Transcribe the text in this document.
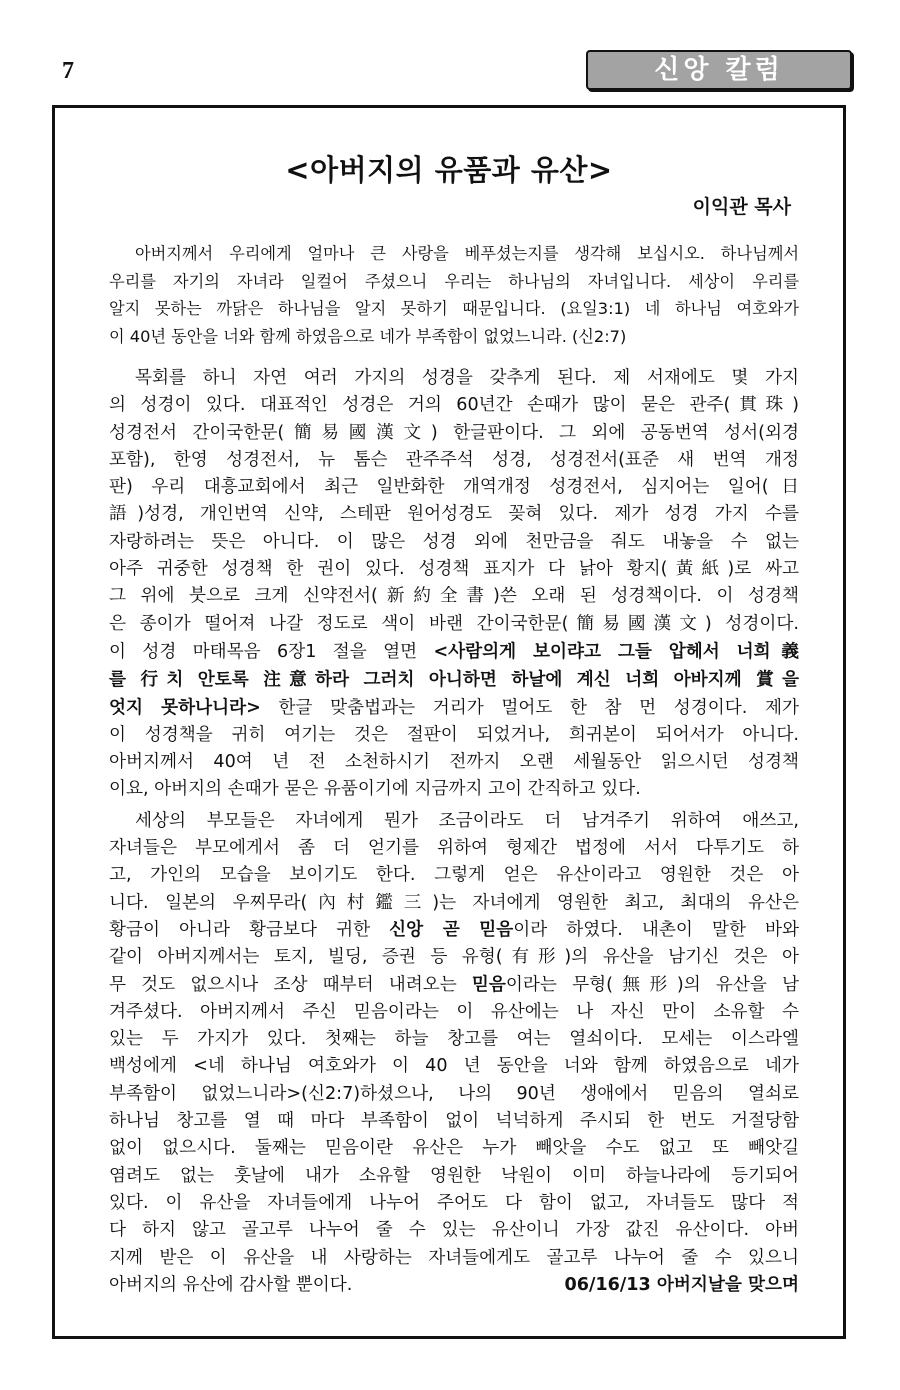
7	신앙 칼럼
<아버지의 유품과 유산>
이익관 목사
아버지께서 우리에게 얼마나 큰 사랑을 베푸셨는지를 생각해 보십시오. 하나님께서
우리를 자기의 자녀라 일컬어 주셨으니 우리는 하나님의 자녀입니다. 세상이 우리를
알지 못하는 까닭은 하나님을 알지 못하기 때문입니다. (요일3:1) 네 하나님 여호와가
이 40년 동안을 너와 함께 하였음으로 네가 부족함이 없었느니라. (신2:7)
목회를 하니 자연 여러 가지의 성경을 갖추게 된다. 제 서재에도 몇 가지
의 성경이 있다. 대표적인 성경은 거의 60년간 손때가 많이 묻은 관주(貫珠)
성경전서 간이국한문(簡易國漢文) 한글판이다. 그 외에 공동번역 성서(외경
포함), 한영 성경전서, 뉴 톰슨 관주주석 성경, 성경전서(표준 새 번역 개정
판) 우리 대흥교회에서 최근 일반화한 개역개정 성경전서, 심지어는 일어(日
語)성경, 개인번역 신약, 스테판 원어성경도 꽂혀 있다. 제가 성경 가지 수를
자랑하려는 뜻은 아니다. 이 많은 성경 외에 천만금을 줘도 내놓을 수 없는
아주 귀중한 성경책 한 권이 있다. 성경책 표지가 다 낡아 황지(黃紙)로 싸고
그 위에 붓으로 크게 신약전서(新約全書)쓴 오래 된 성경책이다. 이 성경책
은 종이가 떨어져 나갈 정도로 색이 바랜 간이국한문(簡易國漢文) 성경이다.
이 성경 마태목음 6장1 절을 열면 <사람의게 보이랴고 그들 압헤서 너희義
를 行치 안토록 注意하라 그러치 아니하면 하날에 계신 너희 아바지께 賞을
엇지 못하나니라> 한글 맞춤법과는 거리가 멀어도 한 참 먼 성경이다. 제가
이 성경책을 귀히 여기는 것은 절판이 되었거나, 희귀본이 되어서가 아니다.
아버지께서 40여 년 전 소천하시기 전까지 오랜 세월동안 읽으시던 성경책
이요, 아버지의 손때가 묻은 유품이기에 지금까지 고이 간직하고 있다.
세상의 부모들은 자녀에게 뭔가 조금이라도 더 남겨주기 위하여 애쓰고,
자녀들은 부모에게서 좀 더 얻기를 위하여 형제간 법정에 서서 다투기도 하
고, 가인의 모습을 보이기도 한다. 그렇게 얻은 유산이라고 영원한 것은 아
니다. 일본의 우찌무라(內村鑑三)는 자녀에게 영원한 최고, 최대의 유산은
황금이 아니라 황금보다 귀한 신앙 곧 믿음이라 하였다. 내촌이 말한 바와
같이 아버지께서는 토지, 빌딩, 증권 등 유형(有形)의 유산을 남기신 것은 아
무 것도 없으시나 조상 때부터 내려오는 믿음이라는 무형(無形)의 유산을 남
겨주셨다. 아버지께서 주신 믿음이라는 이 유산에는 나 자신 만이 소유할 수
있는 두 가지가 있다. 첫째는 하늘 창고를 여는 열쇠이다. 모세는 이스라엘
백성에게 <네 하나님 여호와가 이 40 년 동안을 너와 함께 하였음으로 네가
부족함이 없었느니라>(신2:7)하셨으나, 나의 90년 생애에서 믿음의 열쇠로
하나님 창고를 열 때 마다 부족함이 없이 넉넉하게 주시되 한 번도 거절당함
없이 없으시다. 둘째는 믿음이란 유산은 누가 빼앗을 수도 없고 또 빼앗길
염려도 없는 훗날에 내가 소유할 영원한 낙원이 이미 하늘나라에 등기되어
있다. 이 유산을 자녀들에게 나누어 주어도 다 함이 없고, 자녀들도 많다 적
다 하지 않고 골고루 나누어 줄 수 있는 유산이니 가장 값진 유산이다. 아버
지께 받은 이 유산을 내 사랑하는 자녀들에게도 골고루 나누어 줄 수 있으니
아버지의 유산에 감사할 뿐이다.	06/16/13 아버지날을 맞으며
